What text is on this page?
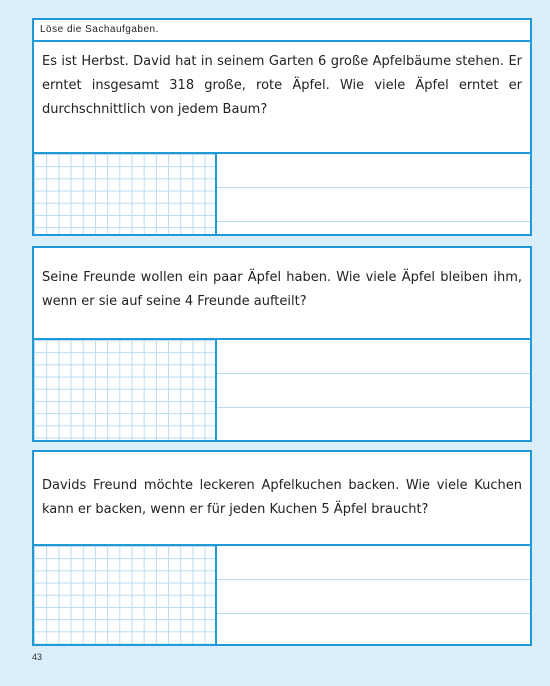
Löse die Sachaufgaben.
Es ist Herbst. David hat in seinem Garten 6 große Apfelbäume stehen. Er erntet insgesamt 318 große, rote Äpfel. Wie viele Äpfel erntet er durchschnittlich von jedem Baum?
Seine Freunde wollen ein paar Äpfel haben. Wie viele Äpfel bleiben ihm, wenn er sie auf seine 4 Freunde aufteilt?
Davids Freund möchte leckeren Apfelkuchen backen. Wie viele Kuchen kann er backen, wenn er für jeden Kuchen 5 Äpfel braucht?
43
